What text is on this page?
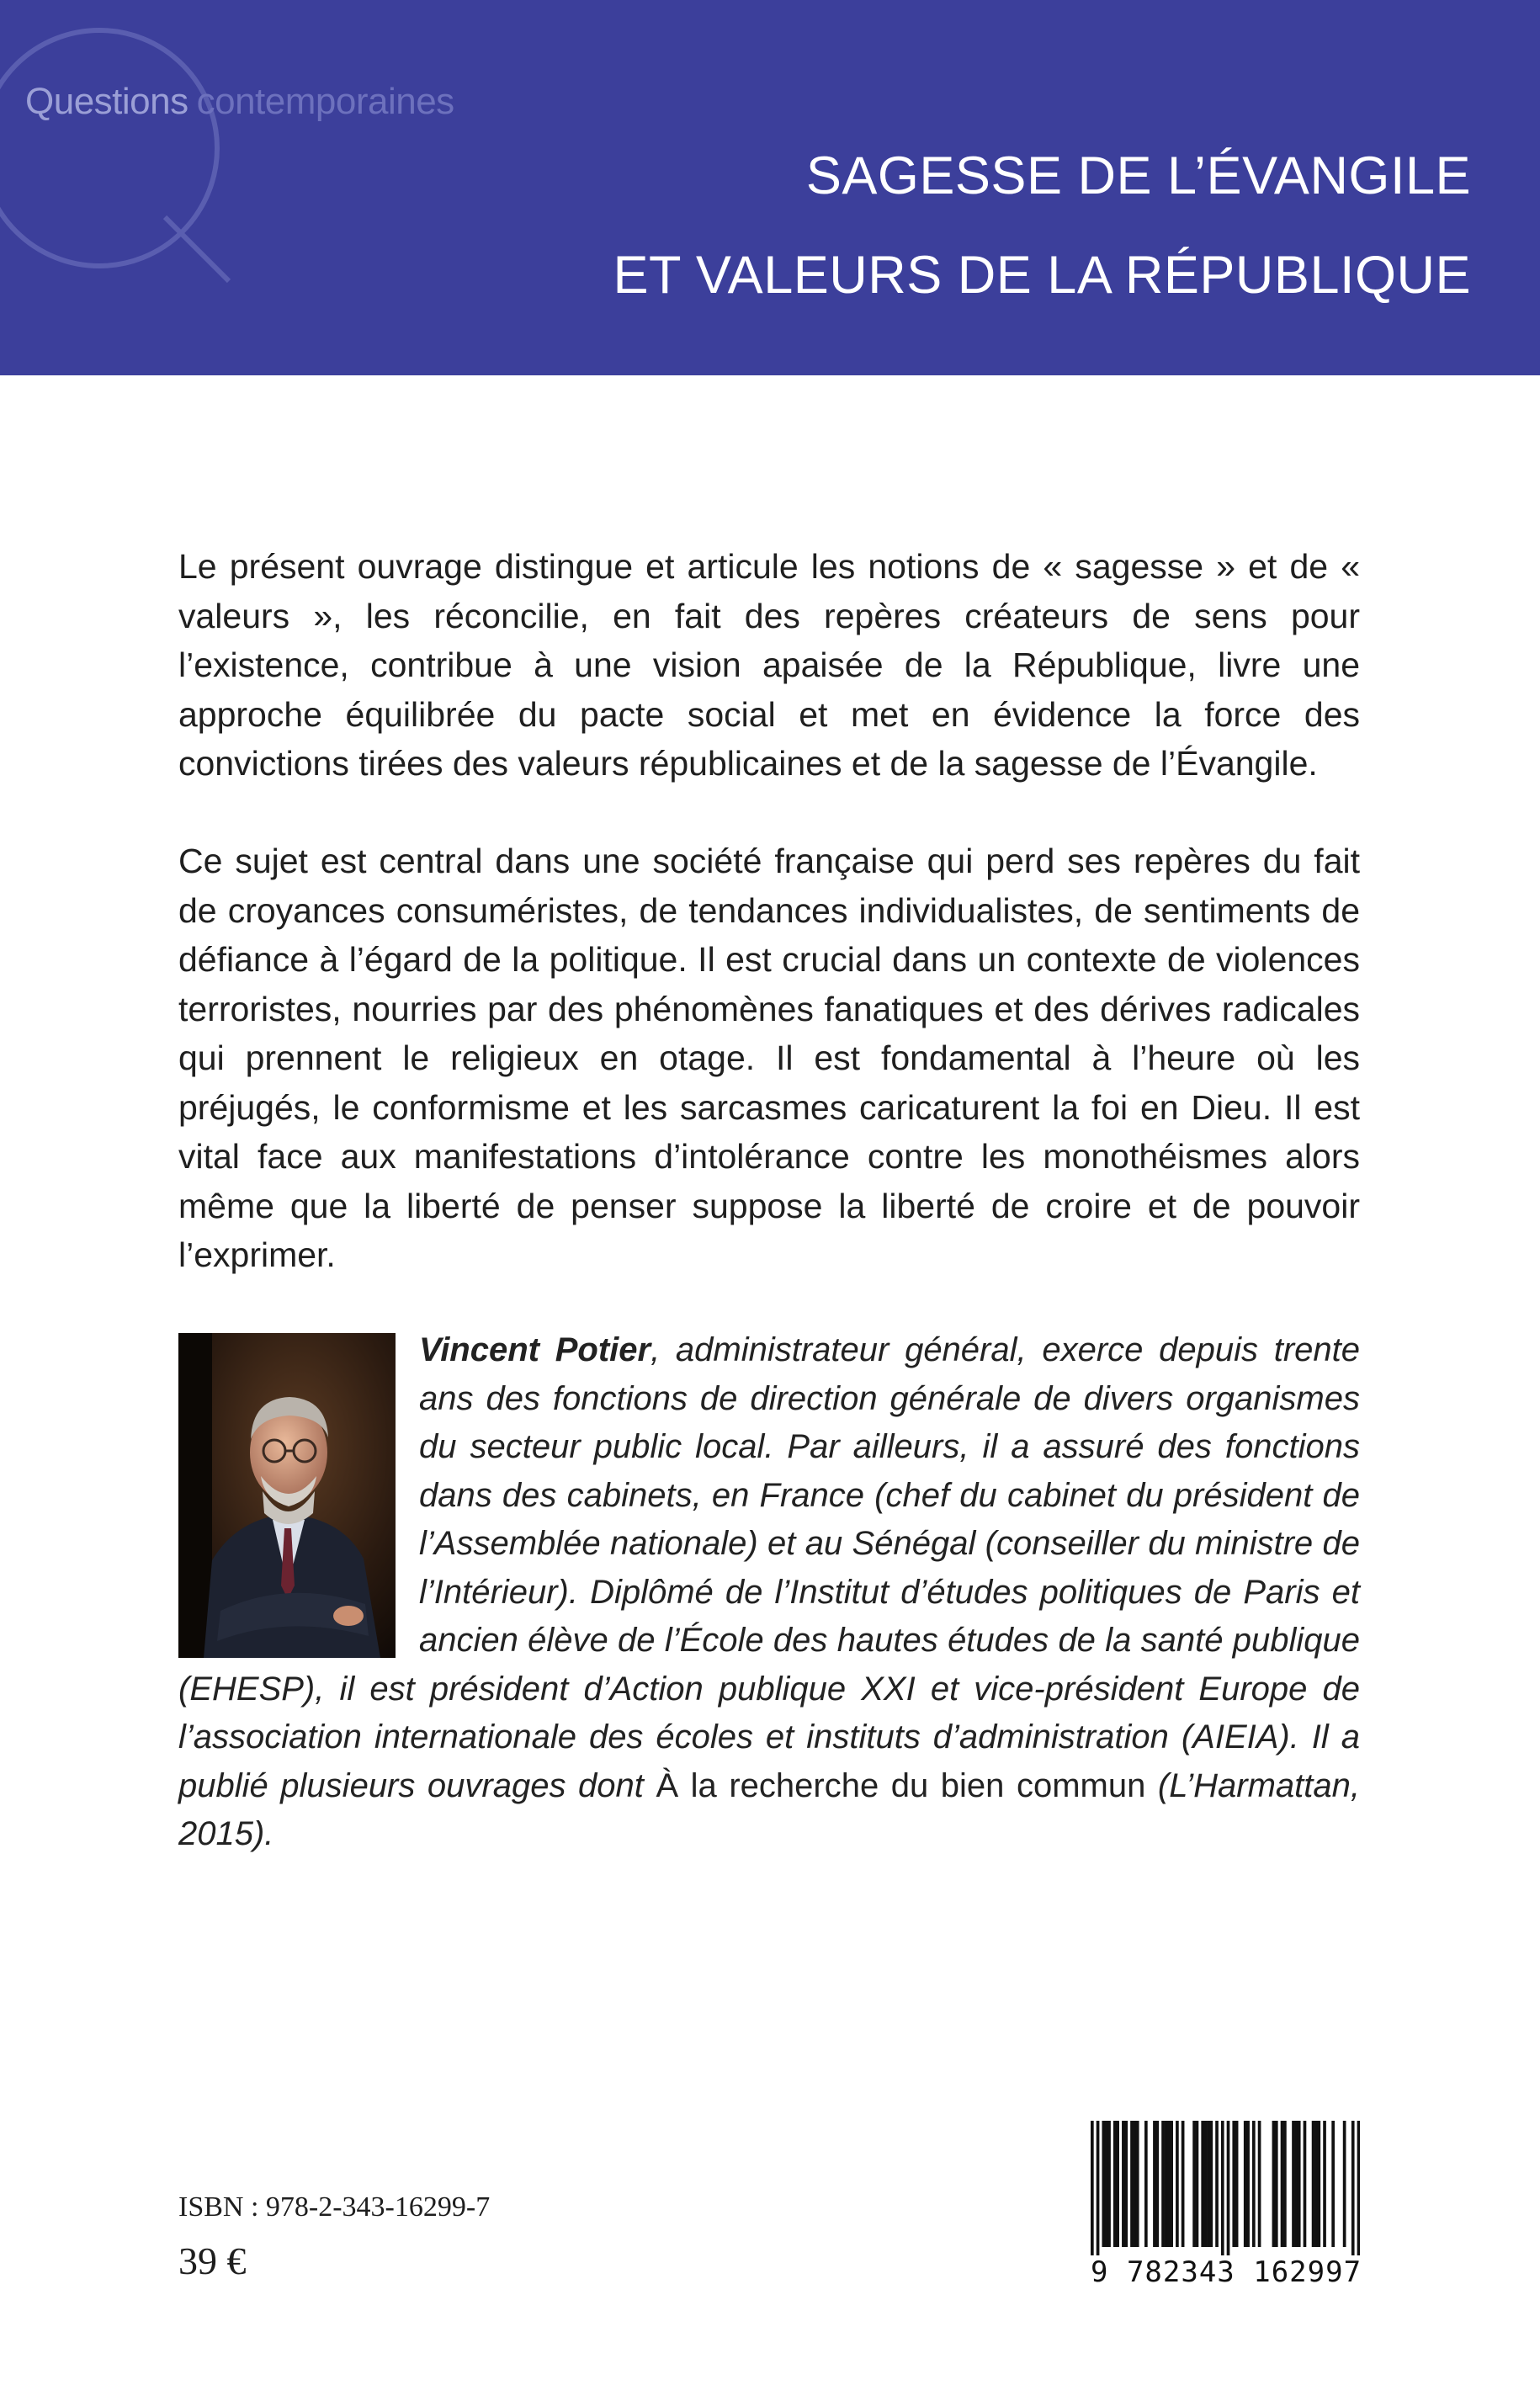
Questions contemporaines
SAGESSE DE L’ÉVANGILE
ET VALEURS DE LA RÉPUBLIQUE

Le présent ouvrage distingue et articule les notions de « sagesse » et de « valeurs », les réconcilie, en fait des repères créateurs de sens pour l’existence, contribue à une vision apaisée de la République, livre une approche équilibrée du pacte social et met en évidence la force des convictions tirées des valeurs républicaines et de la sagesse de l’Évangile.

Ce sujet est central dans une société française qui perd ses repères du fait de croyances consuméristes, de tendances individualistes, de sentiments de défiance à l’égard de la politique. Il est crucial dans un contexte de violences terroristes, nourries par des phénomènes fanatiques et des dérives radicales qui prennent le religieux en otage. Il est fondamental à l’heure où les préjugés, le conformisme et les sarcasmes caricaturent la foi en Dieu. Il est vital face aux manifestations d’intolérance contre les monothéismes alors même que la liberté de penser suppose la liberté de croire et de pouvoir l’exprimer.

Vincent Potier, administrateur général, exerce depuis trente ans des fonctions de direction générale de divers organismes du secteur public local. Par ailleurs, il a assuré des fonctions dans des cabinets, en France (chef du cabinet du président de l’Assemblée nationale) et au Sénégal (conseiller du ministre de l’Intérieur). Diplômé de l’Institut d’études politiques de Paris et ancien élève de l’École des hautes études de la santé publique (EHESP), il est président d’Action publique XXI et vice-président Europe de l’association internationale des écoles et instituts d’administration (AIEIA). Il a publié plusieurs ouvrages dont À la recherche du bien commun (L’Harmattan, 2015).
ISBN : 978-2-343-16299-7
39 €	9 782343 162997
